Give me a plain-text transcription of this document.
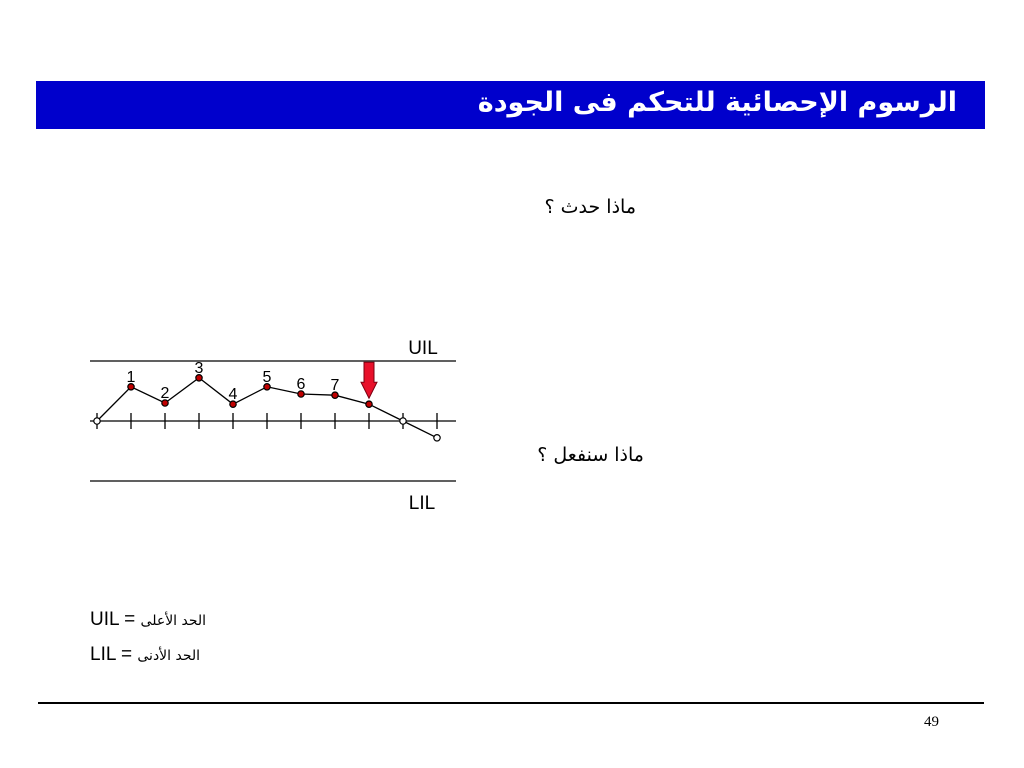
الرسوم الإحصائية للتحكم فى الجودة
ماذا حدث ؟
ماذا سنفعل ؟
UIL
LIL
1
2
3
4
5 6 7
UIL = الحد الأعلى
LIL = الحد الأدنى
49
